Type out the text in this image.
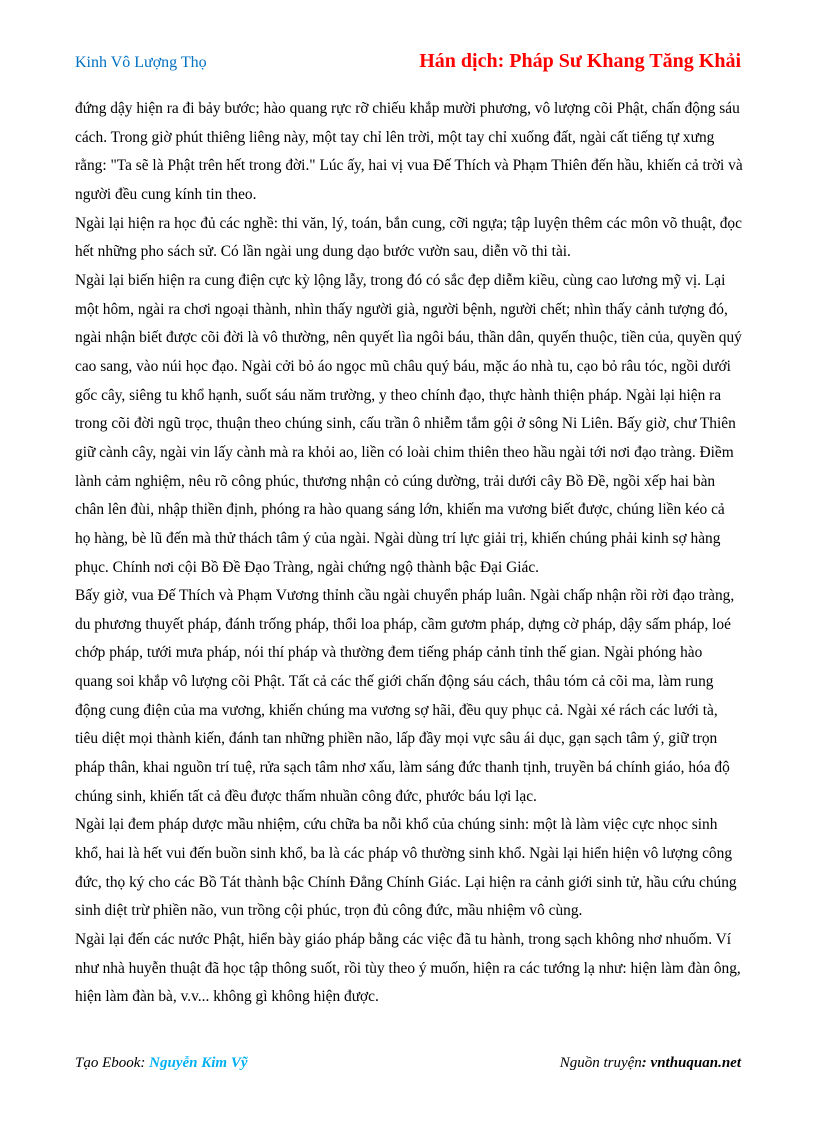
Kinh Vô Lượng Thọ	Hán dịch: Pháp Sư Khang Tăng Khải

đứng dậy hiện ra đi bảy bước; hào quang rực rỡ chiếu khắp mười phương, vô lượng cõi Phật, chấn động sáu cách. Trong giờ phút thiêng liêng này, một tay chỉ lên trời, một tay chỉ xuống đất, ngài cất tiếng tự xưng rằng: "Ta sẽ là Phật trên hết trong đời." Lúc ấy, hai vị vua Đế Thích và Phạm Thiên đến hầu, khiến cả trời và người đều cung kính tin theo.

Ngài lại hiện ra học đủ các nghề: thi văn, lý, toán, bắn cung, cỡi ngựa; tập luyện thêm các môn võ thuật, đọc hết những pho sách sử. Có lần ngài ung dung dạo bước vườn sau, diễn võ thi tài.

Ngài lại biến hiện ra cung điện cực kỳ lộng lẫy, trong đó có sắc đẹp diễm kiều, cùng cao lương mỹ vị. Lại một hôm, ngài ra chơi ngoại thành, nhìn thấy người già, người bệnh, người chết; nhìn thấy cảnh tượng đó, ngài nhận biết được cõi đời là vô thường, nên quyết lìa ngôi báu, thần dân, quyến thuộc, tiền của, quyền quý cao sang, vào núi học đạo. Ngài cởi bỏ áo ngọc mũ châu quý báu, mặc áo nhà tu, cạo bỏ râu tóc, ngồi dưới gốc cây, siêng tu khổ hạnh, suốt sáu năm trường, y theo chính đạo, thực hành thiện pháp. Ngài lại hiện ra trong cõi đời ngũ trọc, thuận theo chúng sinh, cấu trần ô nhiễm tắm gội ở sông Ni Liên. Bấy giờ, chư Thiên giữ cành cây, ngài vin lấy cành mà ra khỏi ao, liền có loài chim thiên theo hầu ngài tới nơi đạo tràng. Điềm lành cảm nghiệm, nêu rõ công phúc, thương nhận cỏ cúng dường, trải dưới cây Bồ Đề, ngồi xếp hai bàn chân lên đùi, nhập thiền định, phóng ra hào quang sáng lớn, khiến ma vương biết được, chúng liền kéo cả họ hàng, bè lũ đến mà thử thách tâm ý của ngài. Ngài dùng trí lực giải trị, khiến chúng phải kinh sợ hàng phục. Chính nơi cội Bồ Đề Đạo Tràng, ngài chứng ngộ thành bậc Đại Giác.

Bấy giờ, vua Đế Thích và Phạm Vương thỉnh cầu ngài chuyển pháp luân. Ngài chấp nhận rồi rời đạo tràng, du phương thuyết pháp, đánh trống pháp, thổi loa pháp, cầm gươm pháp, dựng cờ pháp, dậy sấm pháp, loé chớp pháp, tưới mưa pháp, nói thí pháp và thường đem tiếng pháp cảnh tỉnh thế gian. Ngài phóng hào quang soi khắp vô lượng cõi Phật. Tất cả các thế giới chấn động sáu cách, thâu tóm cả cõi ma, làm rung động cung điện của ma vương, khiến chúng ma vương sợ hãi, đều quy phục cả. Ngài xé rách các lưới tà, tiêu diệt mọi thành kiến, đánh tan những phiền não, lấp đầy mọi vực sâu ái dục, gạn sạch tâm ý, giữ trọn pháp thân, khai nguồn trí tuệ, rửa sạch tâm nhơ xấu, làm sáng đức thanh tịnh, truyền bá chính giáo, hóa độ chúng sinh, khiến tất cả đều được thấm nhuần công đức, phước báu lợi lạc.

Ngài lại đem pháp dược mầu nhiệm, cứu chữa ba nỗi khổ của chúng sinh: một là làm việc cực nhọc sinh khổ, hai là hết vui đến buồn sinh khổ, ba là các pháp vô thường sinh khổ. Ngài lại hiển hiện vô lượng công đức, thọ ký cho các Bồ Tát thành bậc Chính Đẳng Chính Giác. Lại hiện ra cảnh giới sinh tử, hầu cứu chúng sinh diệt trừ phiền não, vun trồng cội phúc, trọn đủ công đức, mầu nhiệm vô cùng.

Ngài lại đến các nước Phật, hiển bày giáo pháp bằng các việc đã tu hành, trong sạch không nhơ nhuốm. Ví như nhà huyễn thuật đã học tập thông suốt, rồi tùy theo ý muốn, hiện ra các tướng lạ như: hiện làm đàn ông, hiện làm đàn bà, v.v... không gì không hiện được.

Tạo Ebook: Nguyễn Kim Vỹ	Nguồn truyện: vnthuquan.net
